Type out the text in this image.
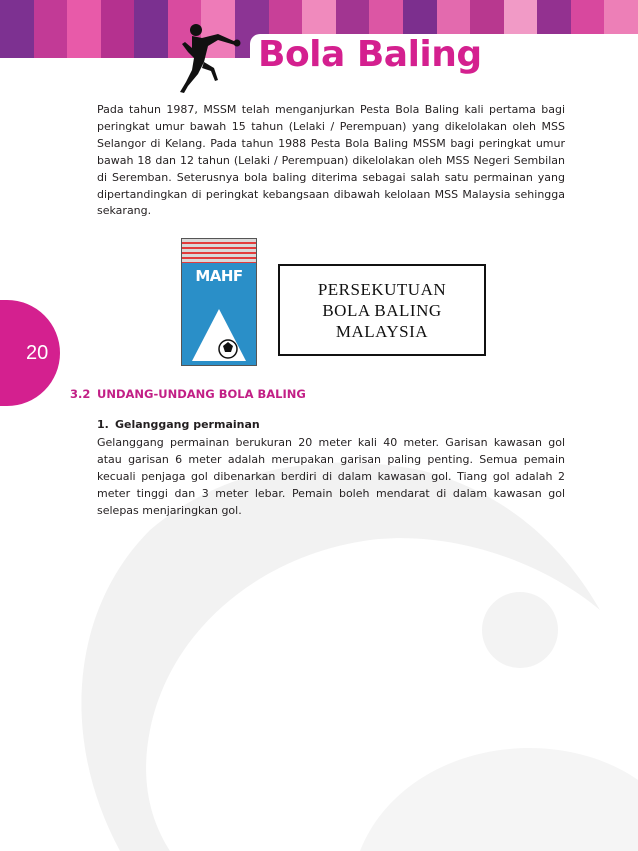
Bola Baling
20

Pada tahun 1987, MSSM telah menganjurkan Pesta Bola Baling kali pertama bagi peringkat umur bawah 15 tahun (Lelaki / Perempuan) yang dikelolakan oleh MSS Selangor di Kelang. Pada tahun 1988 Pesta Bola Baling MSSM bagi peringkat umur bawah 18 dan 12 tahun (Lelaki / Perempuan) dikelolakan oleh MSS Negeri Sembilan di Seremban. Seterusnya bola baling diterima sebagai salah satu permainan yang dipertandingkan di peringkat kebangsaan dibawah kelolaan MSS Malaysia sehingga sekarang.

MAHF
PERSEKUTUAN
BOLA BALING
MALAYSIA
3.2 UNDANG-UNDANG BOLA BALING
1. Gelanggang permainan

Gelanggang permainan berukuran 20 meter kali 40 meter. Garisan kawasan gol atau garisan 6 meter adalah merupakan garisan paling penting. Semua pemain kecuali penjaga gol dibenarkan berdiri di dalam kawasan gol. Tiang gol adalah 2 meter tinggi dan 3 meter lebar. Pemain boleh mendarat di dalam kawasan gol selepas menjaringkan gol.
